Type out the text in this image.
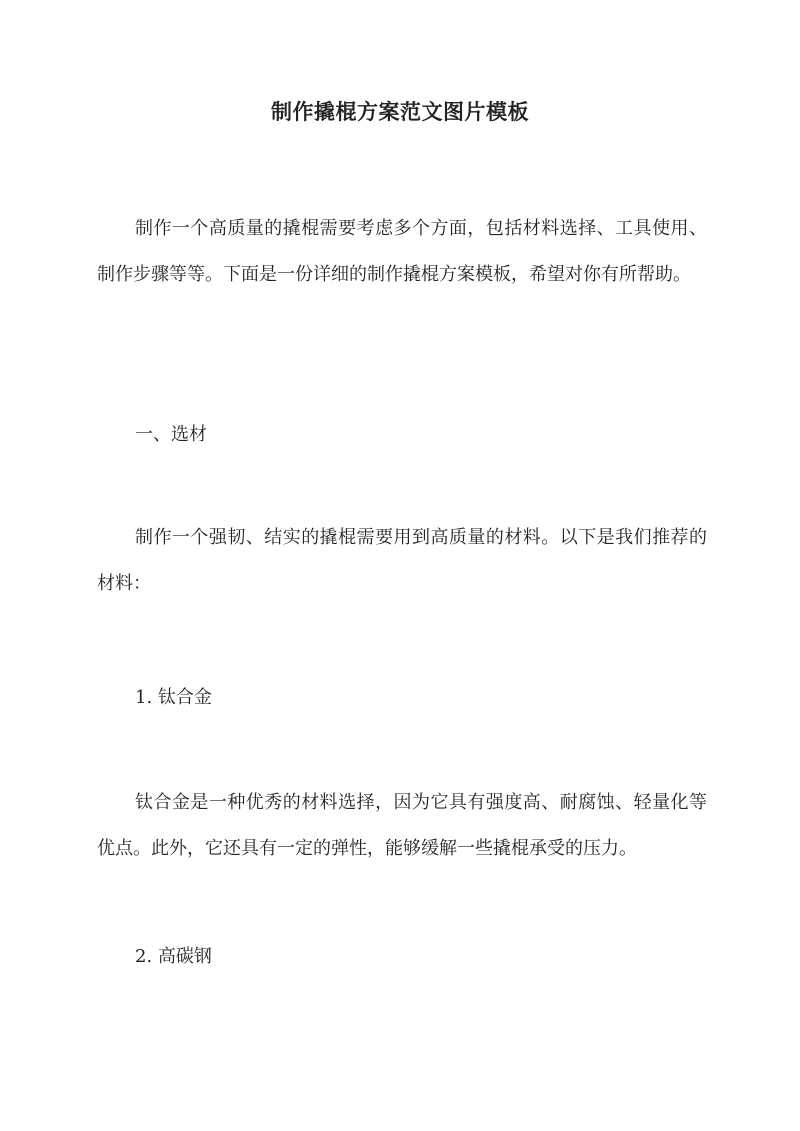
制作撬棍方案范文图片模板

制作一个高质量的撬棍需要考虑多个方面，包括材料选择、工具使用、制作步骤等等。下面是一份详细的制作撬棍方案模板，希望对你有所帮助。

一、选材

制作一个强韧、结实的撬棍需要用到高质量的材料。以下是我们推荐的材料：

1. 钛合金

钛合金是一种优秀的材料选择，因为它具有强度高、耐腐蚀、轻量化等优点。此外，它还具有一定的弹性，能够缓解一些撬棍承受的压力。

2. 高碳钢
